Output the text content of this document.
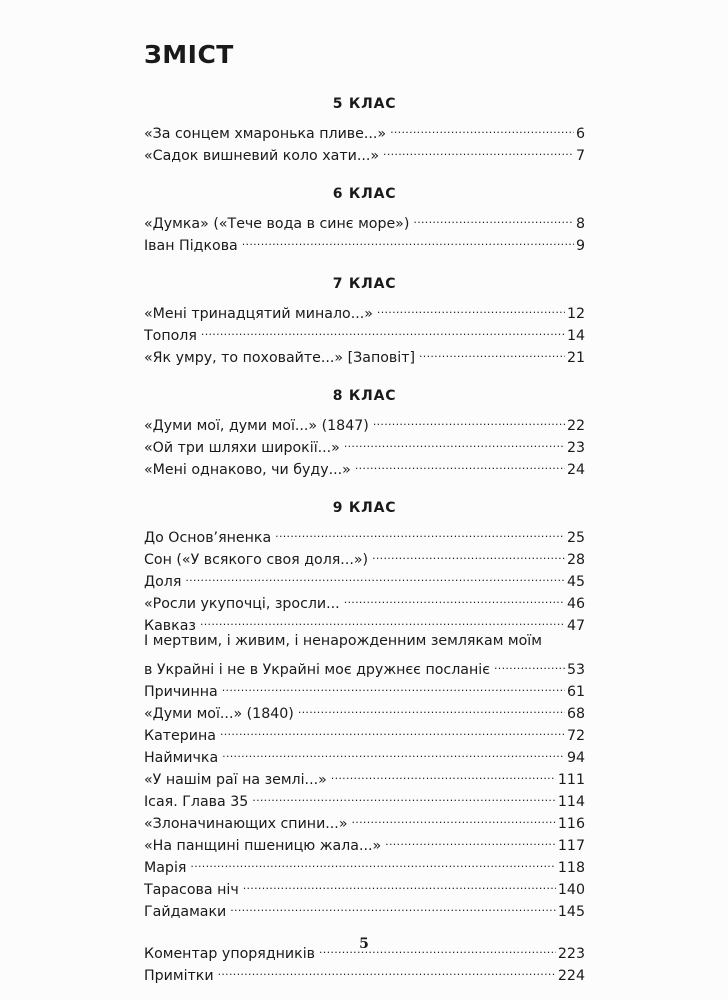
ЗМІСТ
5 КЛАС
«За сонцем хмаронька пливе...» .....	6
«Садок вишневий коло хати...» .....	7
6 КЛАС
«Думка» («Тече вода в синє море») .....	8
Іван Підкова .....	9
7 КЛАС
«Мені тринадцятий минало...» .....	12
Тополя .....	14
«Як умру, то поховайте...» [Заповіт] .....	21
8 КЛАС
«Думи мої, думи мої...» (1847) .....	22
«Ой три шляхи широкії...» .....	23
«Мені однаково, чи буду...» .....	24
9 КЛАС
До Основ’яненка .....	25
Сон («У всякого своя доля...») .....	28
Доля .....	45
«Росли укупочці, зросли... .....	46
Кавказ .....	47
І мертвим, і живим, і ненарожденним землякам моїм
в Украйні і не в Украйні моє дружнєє посланіє .....	53
Причинна .....	61
«Думи мої...» (1840) .....	68
Катерина .....	72
Наймичка .....	94
«У нашім раї на землі...» .....	111
Ісая. Глава 35 .....	114
«Злоначинающих спини...» .....	116
«На панщині пшеницю жала...» .....	117
Марія .....	118
Тарасова ніч .....	140
Гайдамаки .....	145
Коментар упорядників .....	223
Примітки .....	224
5
